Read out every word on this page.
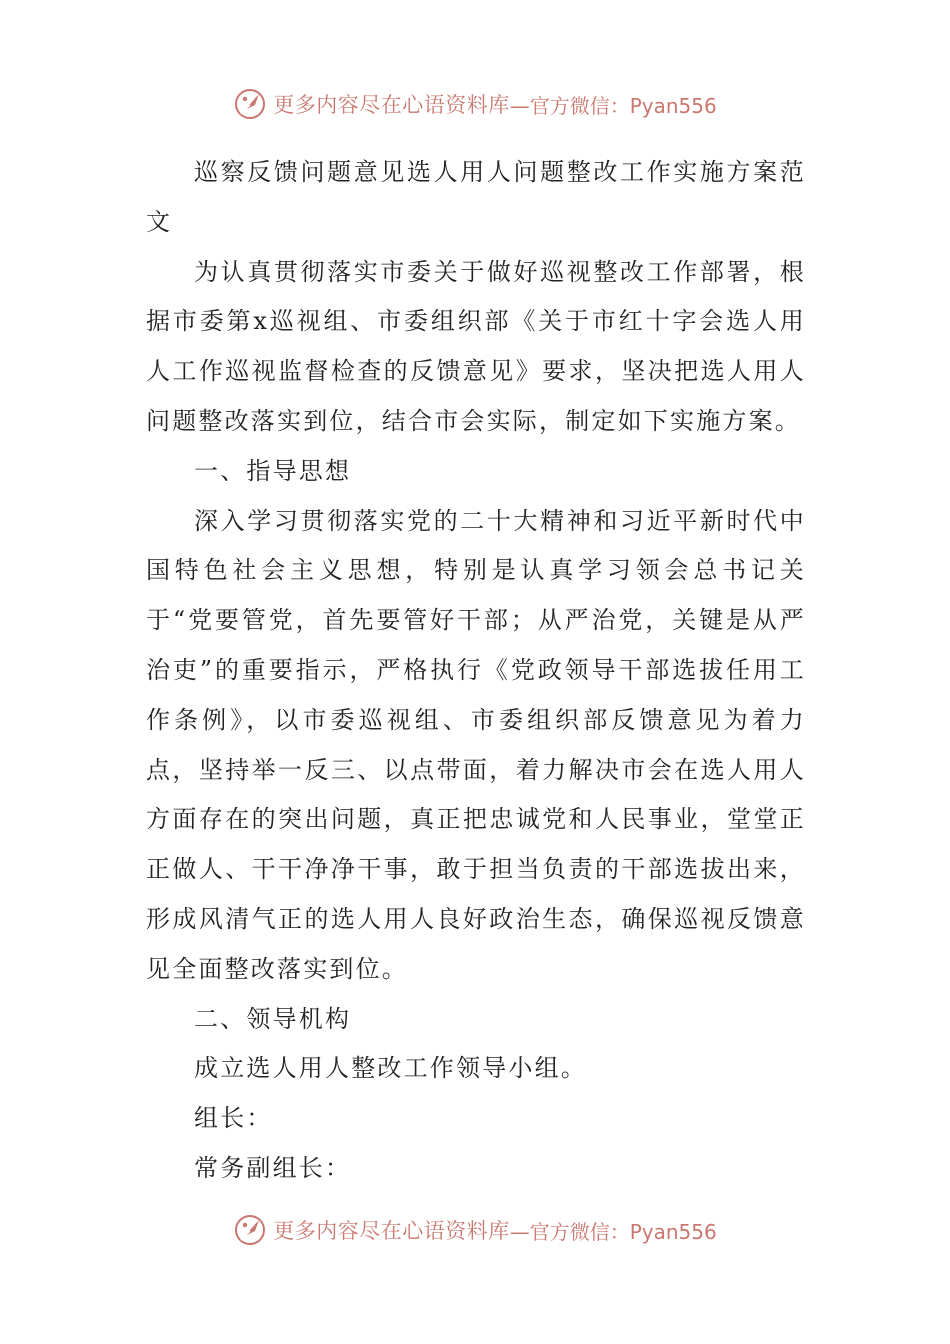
更多内容尽在心语资料库 —官方微信：Pyan556

巡察反馈问题意见选人用人问题整改工作实施方案范文

为认真贯彻落实市委关于做好巡视整改工作部署，根据市委第x巡视组、市委组织部《关于市红十字会选人用人工作巡视监督检查的反馈意见》要求，坚决把选人用人问题整改落实到位，结合市会实际，制定如下实施方案。

一、指导思想

深入学习贯彻落实党的二十大精神和习近平新时代中国特色社会主义思想，特别是认真学习领会总书记关于“党要管党，首先要管好干部；从严治党，关键是从严治吏”的重要指示，严格执行《党政领导干部选拔任用工作条例》，以市委巡视组、市委组织部反馈意见为着力点，坚持举一反三、以点带面，着力解决市会在选人用人方面存在的突出问题，真正把忠诚党和人民事业，堂堂正正做人、干干净净干事，敢于担当负责的干部选拔出来，形成风清气正的选人用人良好政治生态，确保巡视反馈意见全面整改落实到位。

二、领导机构

成立选人用人整改工作领导小组。

组长：

常务副组长：

更多内容尽在心语资料库 —官方微信：Pyan556
